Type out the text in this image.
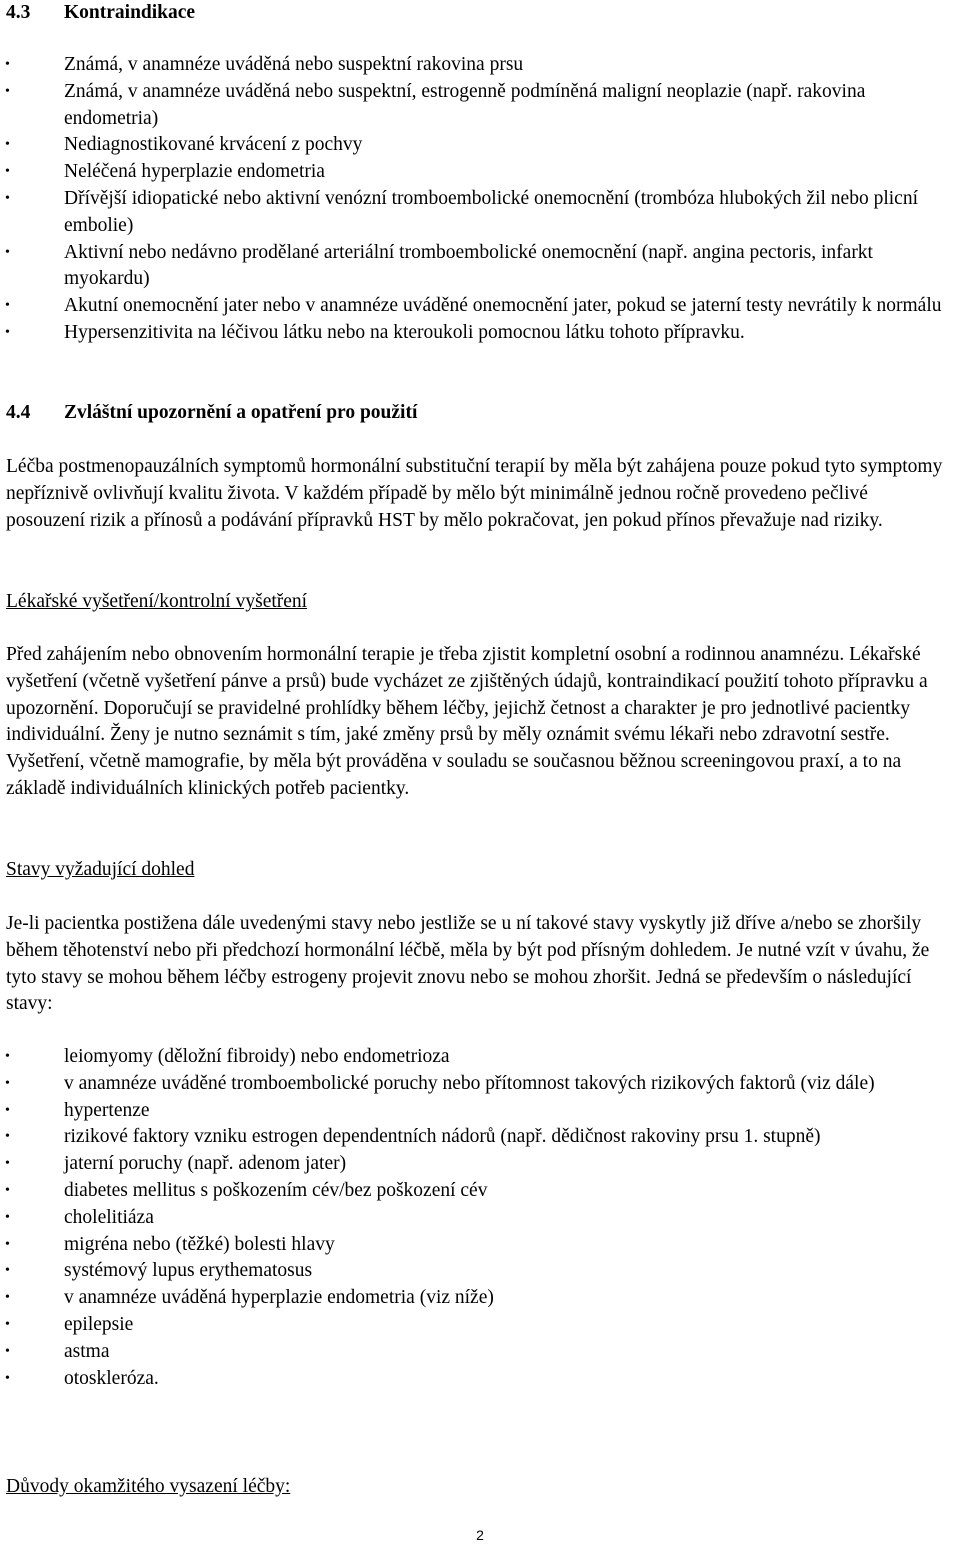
4.3 Kontraindikace
•	Známá, v anamnéze uváděná nebo suspektní rakovina prsu
•	Známá, v anamnéze uváděná nebo suspektní, estrogenně podmíněná maligní neoplazie (např. rakovina endometria)
•	Nediagnostikované krvácení z pochvy
•	Neléčená hyperplazie endometria
•	Dřívější idiopatické nebo aktivní venózní tromboembolické onemocnění (trombóza hlubokých žil nebo plicní embolie)
•	Aktivní nebo nedávno prodělané arteriální tromboembolické onemocnění (např. angina pectoris, infarkt myokardu)
•	Akutní onemocnění jater nebo v anamnéze uváděné onemocnění jater, pokud se jaterní testy nevrátily k normálu
•	Hypersenzitivita na léčivou látku nebo na kteroukoli pomocnou látku tohoto přípravku.
4.4 Zvláštní upozornění a opatření pro použití

Léčba postmenopauzálních symptomů hormonální substituční terapií by měla být zahájena pouze pokud tyto symptomy nepříznivě ovlivňují kvalitu života. V každém případě by mělo být minimálně jednou ročně provedeno pečlivé posouzení rizik a přínosů a podávání přípravků HST by mělo pokračovat, jen pokud přínos převažuje nad riziky.

Lékařské vyšetření/kontrolní vyšetření

Před zahájením nebo obnovením hormonální terapie je třeba zjistit kompletní osobní a rodinnou anamnézu. Lékařské vyšetření (včetně vyšetření pánve a prsů) bude vycházet ze zjištěných údajů, kontraindikací použití tohoto přípravku a upozornění. Doporučují se pravidelné prohlídky během léčby, jejichž četnost a charakter je pro jednotlivé pacientky individuální. Ženy je nutno seznámit s tím, jaké změny prsů by měly oznámit svému lékaři nebo zdravotní sestře. Vyšetření, včetně mamografie, by měla být prováděna v souladu se současnou běžnou screeningovou praxí, a to na základě individuálních klinických potřeb pacientky.

Stavy vyžadující dohled

Je-li pacientka postižena dále uvedenými stavy nebo jestliže se u ní takové stavy vyskytly již dříve a/nebo se zhoršily během těhotenství nebo při předchozí hormonální léčbě, měla by být pod přísným dohledem. Je nutné vzít v úvahu, že tyto stavy se mohou během léčby estrogeny projevit znovu nebo se mohou zhoršit. Jedná se především o následující stavy:

•	leiomyomy (děložní fibroidy) nebo endometrioza
•	v anamnéze uváděné tromboembolické poruchy nebo přítomnost takových rizikových faktorů (viz dále)
•	hypertenze
•	rizikové faktory vzniku estrogen dependentních nádorů (např. dědičnost rakoviny prsu 1. stupně)
•	jaterní poruchy (např. adenom jater)
•	diabetes mellitus s poškozením cév/bez poškození cév
•	cholelitiáza
•	migréna nebo (těžké) bolesti hlavy
•	systémový lupus erythematosus
•	v anamnéze uváděná hyperplazie endometria (viz níže)
•	epilepsie
•	astma
•	otoskleróza.

Důvody okamžitého vysazení léčby:

2
